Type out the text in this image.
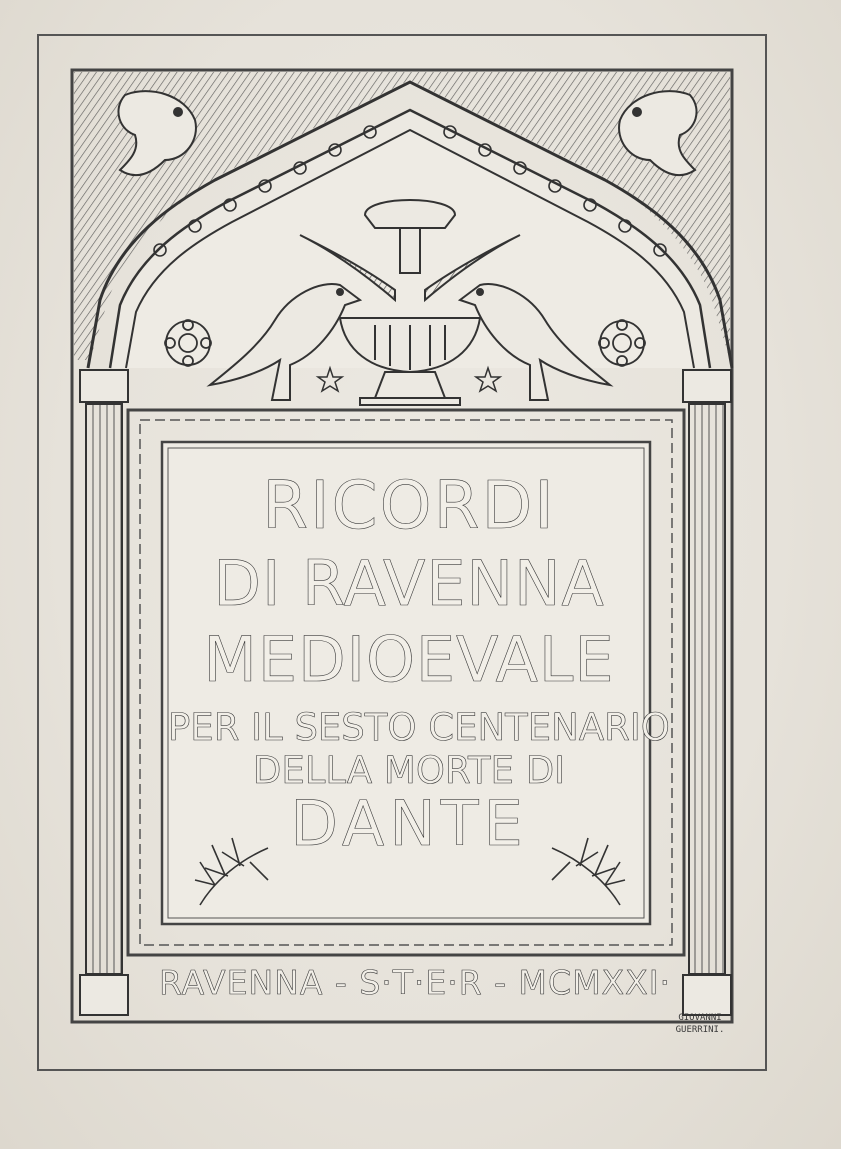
RICORDI
DI RAVENNA
MEDIOEVALE
PER IL SESTO CENTENARIO
DELLA MORTE DI
DANTE
RAVENNA - S·T·E·R - MCMXXI·
GIOVANNI
GUERRINI.
